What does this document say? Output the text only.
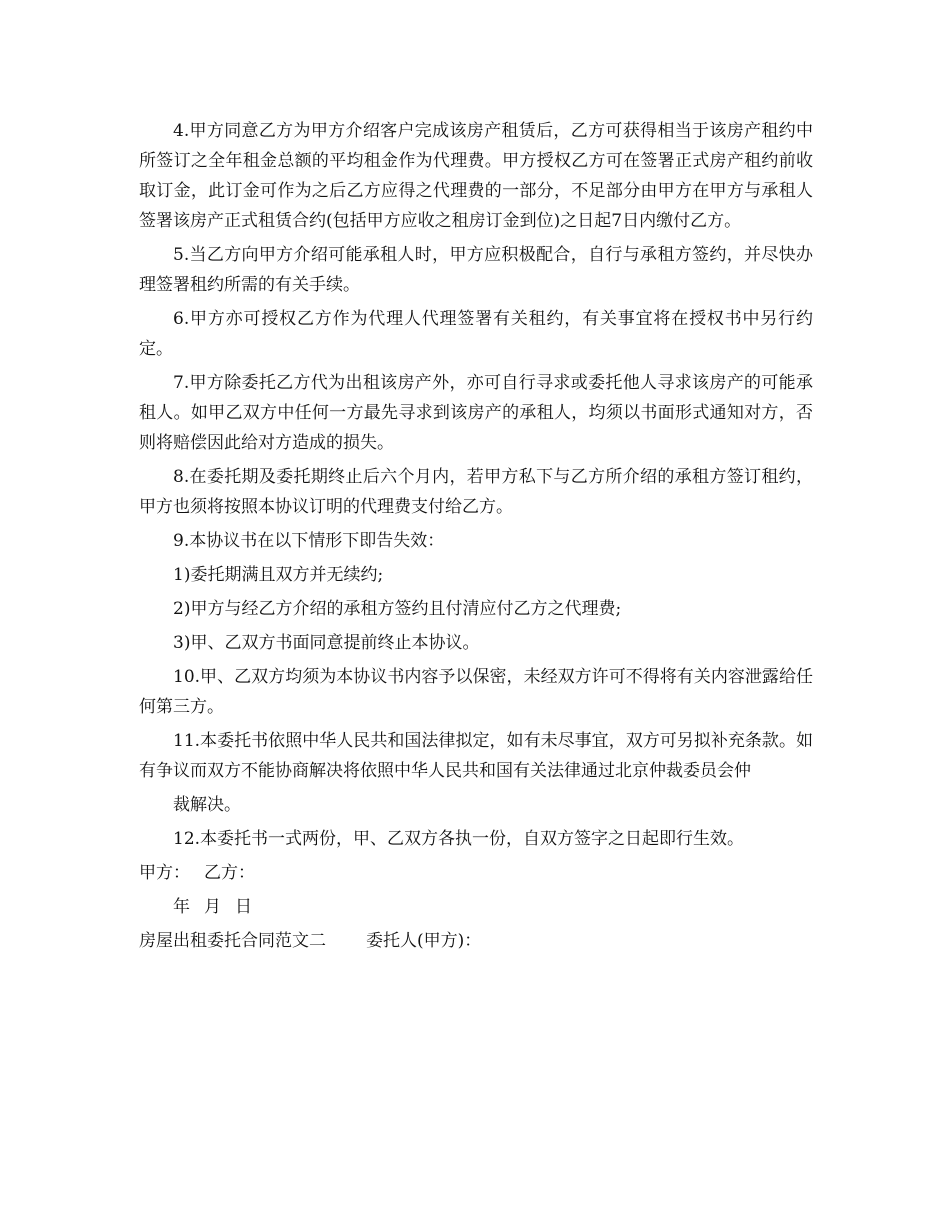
4.甲方同意乙方为甲方介绍客户完成该房产租赁后，乙方可获得相当于该房产租约中所签订之全年租金总额的平均租金作为代理费。甲方授权乙方可在签署正式房产租约前收取订金，此订金可作为之后乙方应得之代理费的一部分，不足部分由甲方在甲方与承租人签署该房产正式租赁合约(包括甲方应收之租房订金到位)之日起7日内缴付乙方。

5.当乙方向甲方介绍可能承租人时，甲方应积极配合，自行与承租方签约，并尽快办理签署租约所需的有关手续。

6.甲方亦可授权乙方作为代理人代理签署有关租约，有关事宜将在授权书中另行约定。

7.甲方除委托乙方代为出租该房产外，亦可自行寻求或委托他人寻求该房产的可能承租人。如甲乙双方中任何一方最先寻求到该房产的承租人，均须以书面形式通知对方，否则将赔偿因此给对方造成的损失。

8.在委托期及委托期终止后六个月内，若甲方私下与乙方所介绍的承租方签订租约，甲方也须将按照本协议订明的代理费支付给乙方。

9.本协议书在以下情形下即告失效：

1)委托期满且双方并无续约;

2)甲方与经乙方介绍的承租方签约且付清应付乙方之代理费;

3)甲、乙双方书面同意提前终止本协议。

10.甲、乙双方均须为本协议书内容予以保密，未经双方许可不得将有关内容泄露给任何第三方。

11.本委托书依照中华人民共和国法律拟定，如有未尽事宜，双方可另拟补充条款。如有争议而双方不能协商解决将依照中华人民共和国有关法律通过北京仲裁委员会仲

裁解决。

12.本委托书一式两份，甲、乙双方各执一份，自双方签字之日起即行生效。

甲方： 乙方：

年 月 日

房屋出租委托合同范文二 委托人(甲方)：
